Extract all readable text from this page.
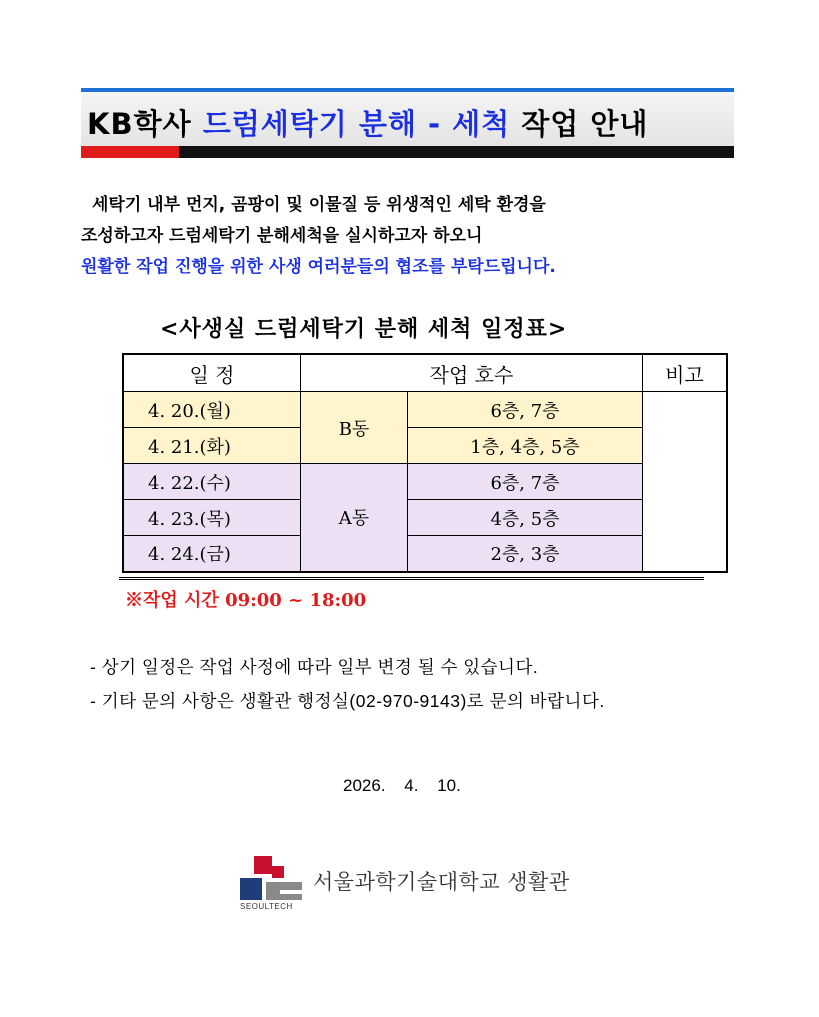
KB학사 드럼세탁기 분해 - 세척 작업 안내

세탁기 내부 먼지, 곰팡이 및 이물질 등 위생적인 세탁 환경을

조성하고자 드럼세탁기 분해세척을 실시하고자 하오니

원활한 작업 진행을 위한 사생 여러분들의 협조를 부탁드립니다.

<사생실 드럼세탁기 분해 세척 일정표>
일 정	작업 호수		비고
4. 20.(월)	B동	6층, 7층	
4. 21.(화)		1층, 4층, 5층	
4. 22.(수)	A동	6층, 7층	
4. 23.(목)		4층, 5층	
4. 24.(금)		2층, 3층	
※작업 시간 09:00 ~ 18:00

- 상기 일정은 작업 사정에 따라 일부 변경 될 수 있습니다.

- 기타 문의 사항은 생활관 행정실(02-970-9143)로 문의 바랍니다.

2026. 4. 10.
SEOULTECH
서울과학기술대학교 생활관
